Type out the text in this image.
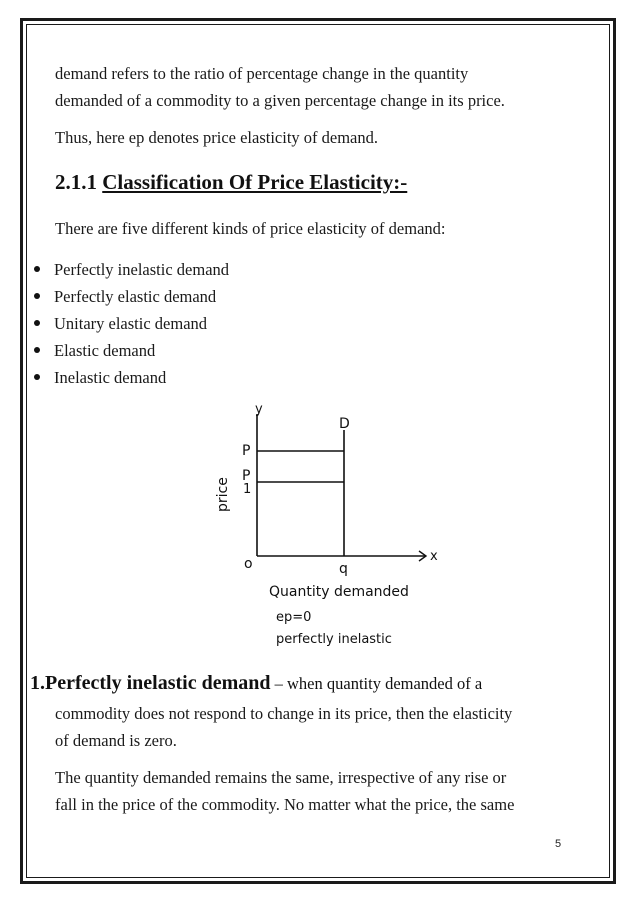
demand refers to the ratio of percentage change in the quantity
demanded of a commodity to a given percentage change in its price.
Thus, here ep denotes price elasticity of demand.
2.1.1 Classification Of Price Elasticity:-
There are five different kinds of price elasticity of demand:
Perfectly inelastic demand
Perfectly elastic demand
Unitary elastic demand
Elastic demand
Inelastic demand
y
x
D
P
P
1
o	q
price
Quantity demanded
ep=0
perfectly inelastic
1.Perfectly inelastic demand – when quantity demanded of a
commodity does not respond to change in its price, then the elasticity
of demand is zero.
The quantity demanded remains the same, irrespective of any rise or
fall in the price of the commodity. No matter what the price, the same
5
